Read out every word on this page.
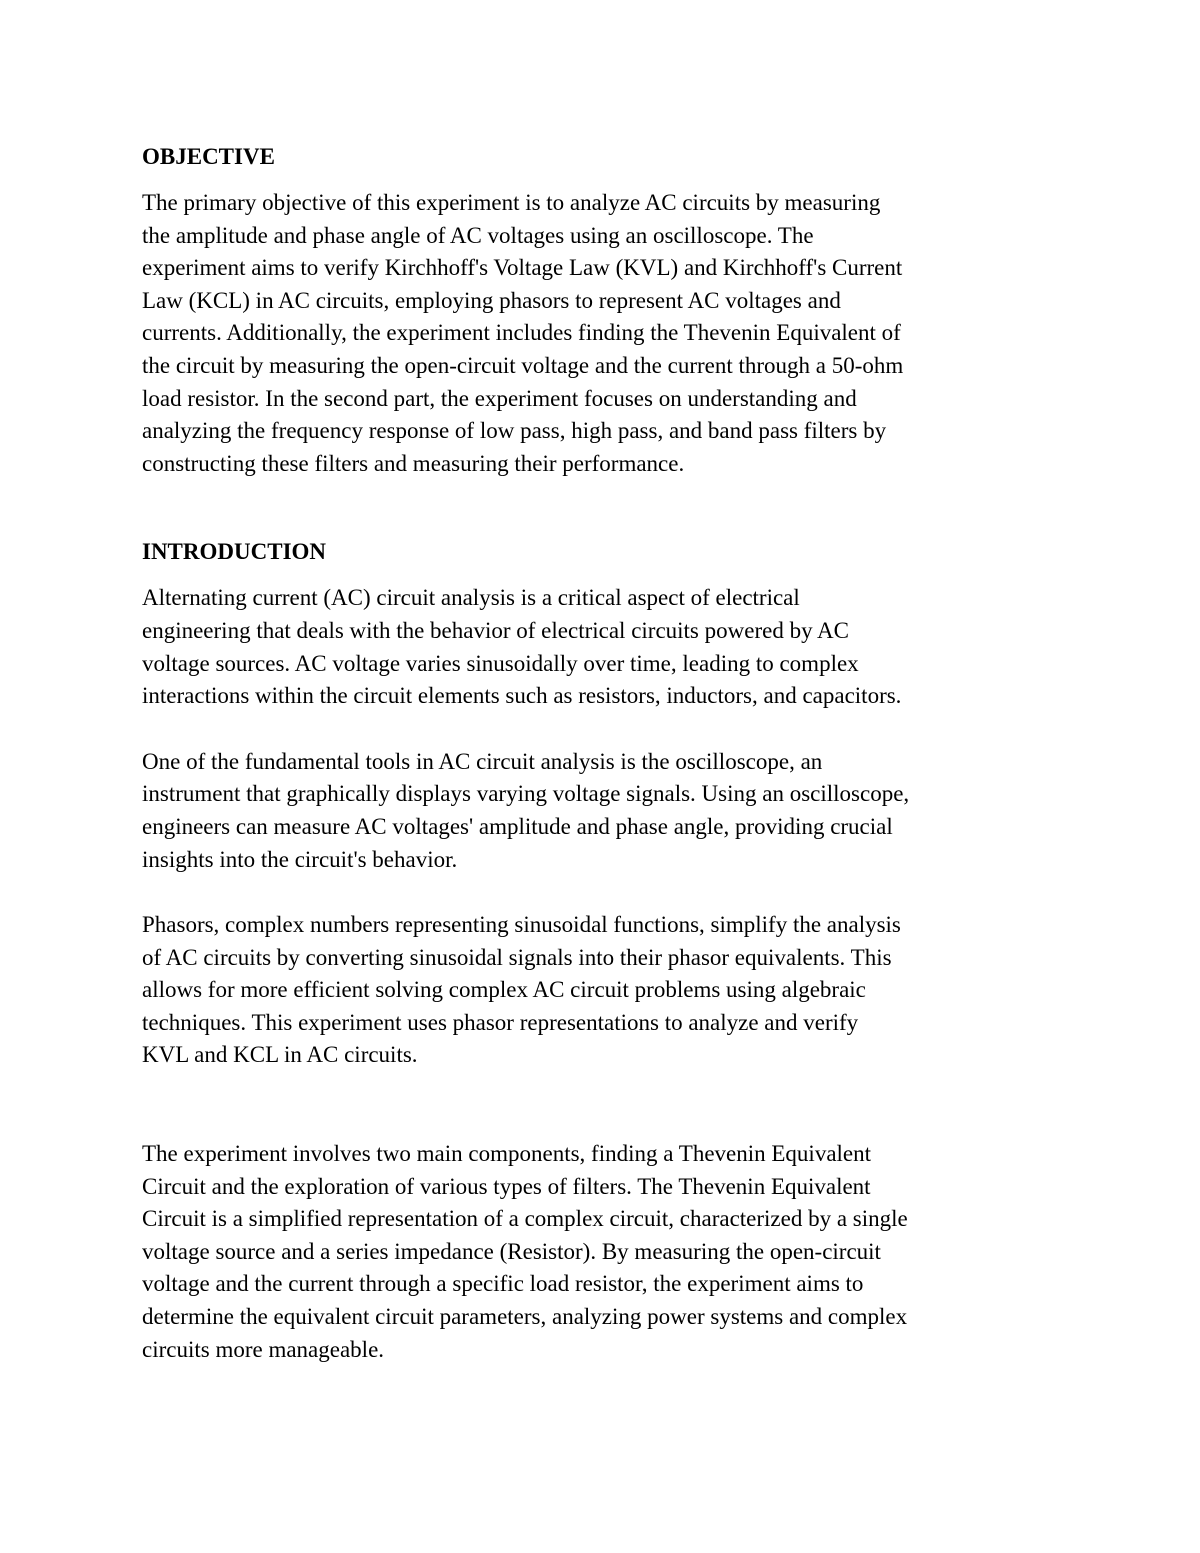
OBJECTIVE

The primary objective of this experiment is to analyze AC circuits by measuring
the amplitude and phase angle of AC voltages using an oscilloscope. The
experiment aims to verify Kirchhoff's Voltage Law (KVL) and Kirchhoff's Current
Law (KCL) in AC circuits, employing phasors to represent AC voltages and
currents. Additionally, the experiment includes finding the Thevenin Equivalent of
the circuit by measuring the open-circuit voltage and the current through a 50-ohm
load resistor. In the second part, the experiment focuses on understanding and
analyzing the frequency response of low pass, high pass, and band pass filters by
constructing these filters and measuring their performance.

INTRODUCTION

Alternating current (AC) circuit analysis is a critical aspect of electrical
engineering that deals with the behavior of electrical circuits powered by AC
voltage sources. AC voltage varies sinusoidally over time, leading to complex
interactions within the circuit elements such as resistors, inductors, and capacitors.

One of the fundamental tools in AC circuit analysis is the oscilloscope, an
instrument that graphically displays varying voltage signals. Using an oscilloscope,
engineers can measure AC voltages' amplitude and phase angle, providing crucial
insights into the circuit's behavior.

Phasors, complex numbers representing sinusoidal functions, simplify the analysis
of AC circuits by converting sinusoidal signals into their phasor equivalents. This
allows for more efficient solving complex AC circuit problems using algebraic
techniques. This experiment uses phasor representations to analyze and verify
KVL and KCL in AC circuits.

The experiment involves two main components, finding a Thevenin Equivalent
Circuit and the exploration of various types of filters. The Thevenin Equivalent
Circuit is a simplified representation of a complex circuit, characterized by a single
voltage source and a series impedance (Resistor). By measuring the open-circuit
voltage and the current through a specific load resistor, the experiment aims to
determine the equivalent circuit parameters, analyzing power systems and complex
circuits more manageable.
